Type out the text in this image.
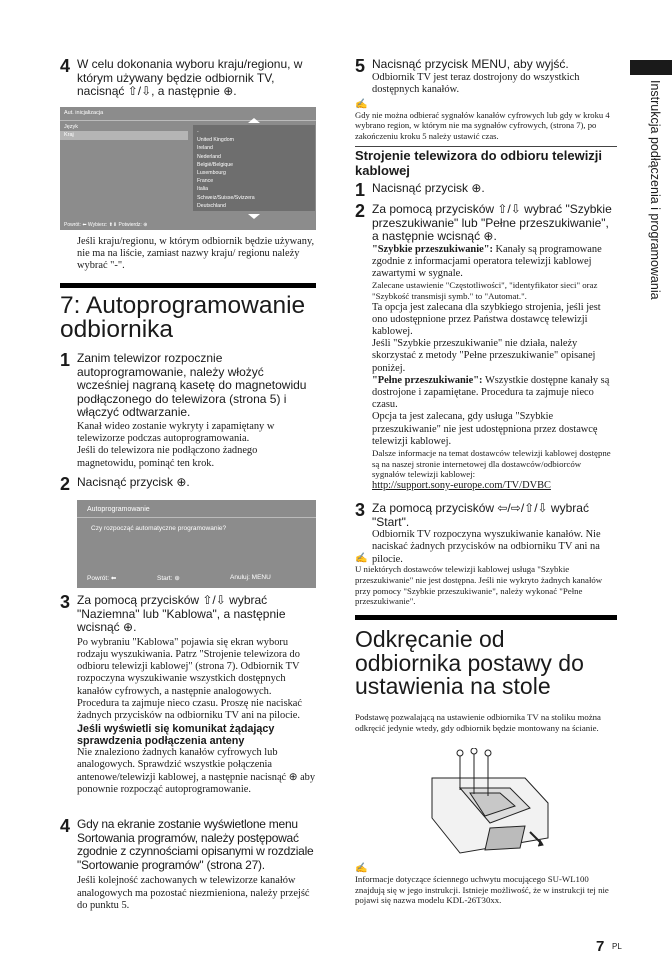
Instrukcja podłączenia i programowania
4 W celu dokonania wyboru kraju/regionu, w którym używany będzie odbiornik TV, nacisnąć ⇧/⇩, a następnie ⊕.
Aut. inicjalizacja
Język
Kraj	-
United Kingdom
Ireland
Nederland
België/Belgique
Luxembourg
France
Italia
Schweiz/Suisse/Svizzera
Deutschland
Powrót: ⬅ Wybierz: ⬆⬇ Potwierdz: ⊕
Jeśli kraju/regionu, w którym odbiornik będzie używany, nie ma na liście, zamiast nazwy kraju/ regionu należy wybrać "-".
7: Autoprogramowanie odbiornika
1 Zanim telewizor rozpocznie autoprogramowanie, należy włożyć wcześniej nagraną kasetę do magnetowidu podłączonego do telewizora (strona 5) i włączyć odtwarzanie.
Kanał wideo zostanie wykryty i zapamiętany w telewizorze podczas autoprogramowania.
Jeśli do telewizora nie podłączono żadnego magnetowidu, pominąć ten krok.
2 Nacisnąć przycisk ⊕.
Autoprogramowanie
Czy rozpocząć automatyczne programowanie?
Powrót: ⬅	Start: ⊕	Anuluj: MENU
3 Za pomocą przycisków ⇧/⇩ wybrać "Naziemna" lub "Kablowa", a następnie wcisnąć ⊕.
Po wybraniu "Kablowa" pojawia się ekran wyboru rodzaju wyszukiwania. Patrz "Strojenie telewizora do odbioru telewizji kablowej" (strona 7). Odbiornik TV rozpoczyna wyszukiwanie wszystkich dostępnych kanałów cyfrowych, a następnie analogowych. Procedura ta zajmuje nieco czasu. Proszę nie naciskać żadnych przycisków na odbiorniku TV ani na pilocie.
Jeśli wyświetli się komunikat żądający sprawdzenia podłączenia anteny
Nie znaleziono żadnych kanałów cyfrowych lub analogowych. Sprawdzić wszystkie połączenia antenowe/telewizji kablowej, a następnie nacisnąć ⊕ aby ponownie rozpocząć autoprogramowanie.
4 Gdy na ekranie zostanie wyświetlone menu Sortowania programów, należy postępować zgodnie z czynnościami opisanymi w rozdziale "Sortowanie programów" (strona 27).
Jeśli kolejność zachowanych w telewizorze kanałów analogowych ma pozostać niezmieniona, należy przejść do punktu 5.
5 Nacisnąć przycisk MENU, aby wyjść.
Odbiornik TV jest teraz dostrojony do wszystkich dostępnych kanałów.
✍
Gdy nie można odbierać sygnałów kanałów cyfrowych lub gdy w kroku 4 wybrano region, w którym nie ma sygnałów cyfrowych, (strona 7), po zakończeniu kroku 5 należy ustawić czas.
Strojenie telewizora do odbioru telewizji kablowej
1 Nacisnąć przycisk ⊕.
2 Za pomocą przycisków ⇧/⇩ wybrać "Szybkie przeszukiwanie" lub "Pełne przeszukiwanie", a następnie wcisnąć ⊕.
"Szybkie przeszukiwanie": Kanały są programowane zgodnie z informacjami operatora telewizji kablowej zawartymi w sygnale.
Zalecane ustawienie "Częstotliwości", "identyfikator sieci" oraz "Szybkość transmisji symb." to "Automat.".
Ta opcja jest zalecana dla szybkiego strojenia, jeśli jest ono udostępnione przez Państwa dostawcę telewizji kablowej.
Jeśli "Szybkie przeszukiwanie" nie działa, należy skorzystać z metody "Pełne przeszukiwanie" opisanej poniżej.
"Pełne przeszukiwanie": Wszystkie dostępne kanały są dostrojone i zapamiętane. Procedura ta zajmuje nieco czasu.
Opcja ta jest zalecana, gdy usługa "Szybkie przeszukiwanie" nie jest udostępniona przez dostawcę telewizji kablowej.
Dalsze informacje na temat dostawców telewizji kablowej dostępne są na naszej stronie internetowej dla dostawców/odbiorców sygnałów telewizji kablowej:
http://support.sony-europe.com/TV/DVBC
3 Za pomocą przycisków ⇦/⇨/⇧/⇩ wybrać "Start".
Odbiornik TV rozpoczyna wyszukiwanie kanałów. Nie naciskać żadnych przycisków na odbiorniku TV ani na pilocie.
✍
U niektórych dostawców telewizji kablowej usługa "Szybkie przeszukiwanie" nie jest dostępna. Jeśli nie wykryto żadnych kanałów przy pomocy "Szybkie przeszukiwanie", należy wykonać "Pełne przeszukiwanie".
Odkręcanie od odbiornika postawy do ustawienia na stole
Podstawę pozwalającą na ustawienie odbiornika TV na stoliku można odkręcić jedynie wtedy, gdy odbiornik będzie montowany na ścianie.
✍
Informacje dotyczące ściennego uchwytu mocującego SU-WL100 znajdują się w jego instrukcji. Istnieje możliwość, że w instrukcji tej nie pojawi się nazwa modelu KDL-26T30xx.
7 PL
